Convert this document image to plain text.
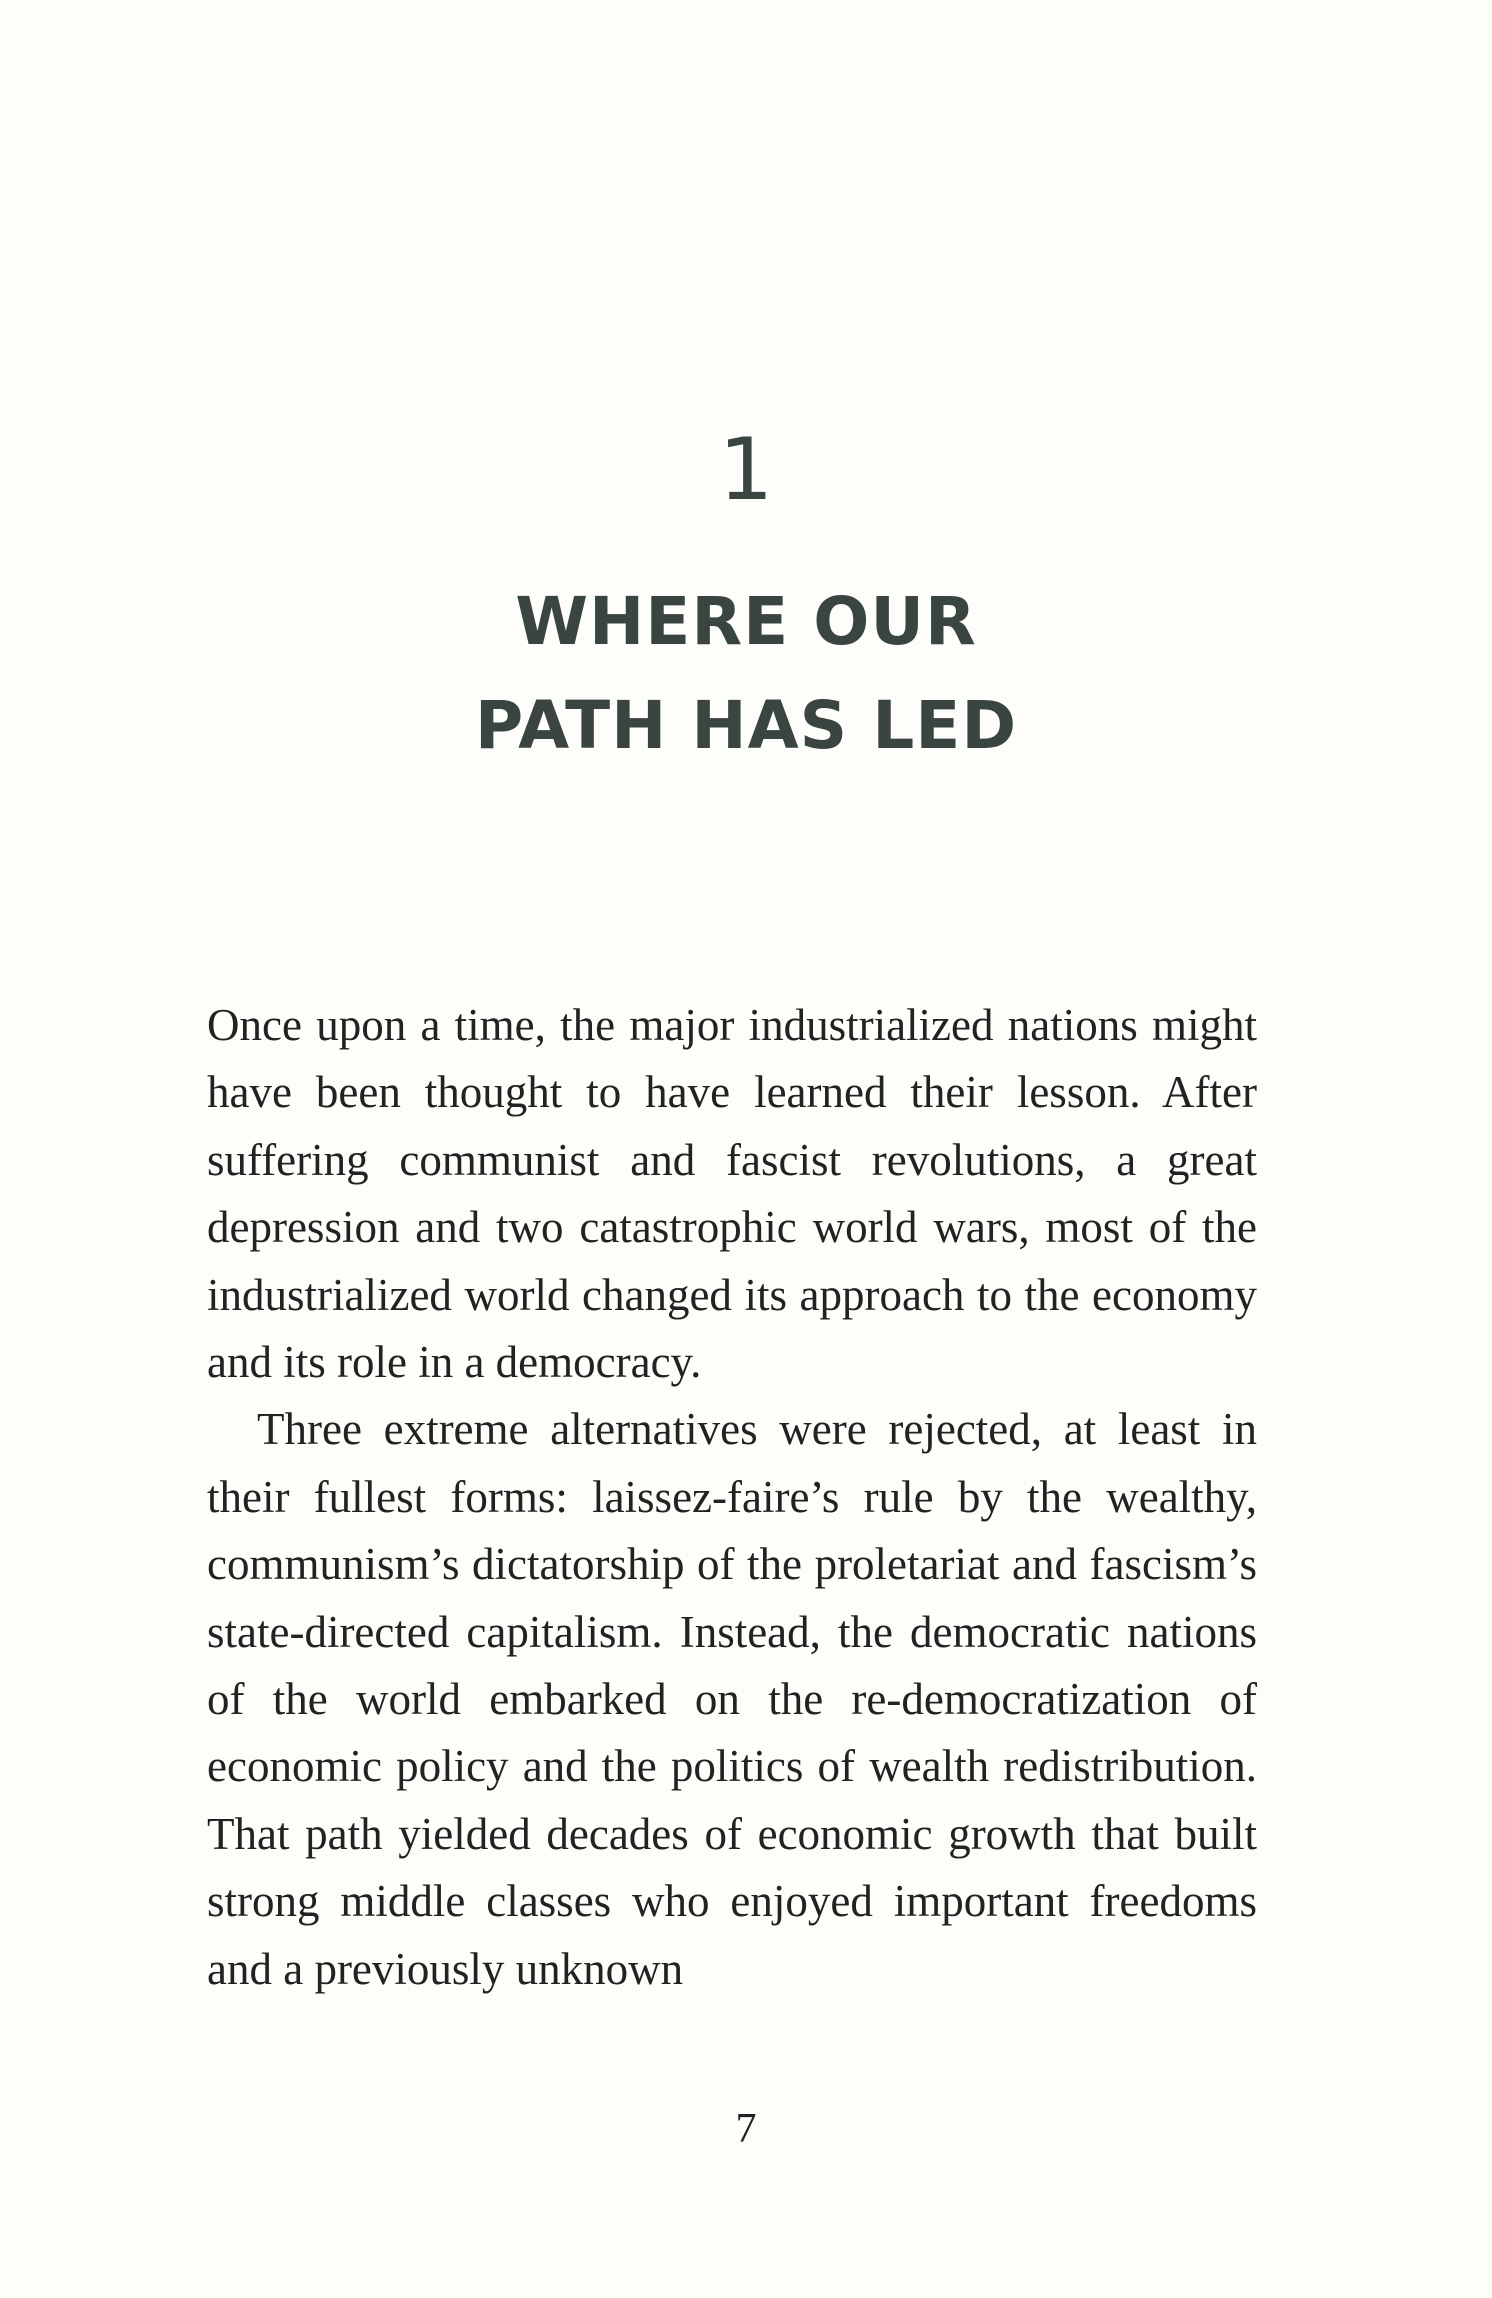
1
WHERE OUR
PATH HAS LED

Once upon a time, the major industrialized nations might have been thought to have learned their lesson. After suffering communist and fascist revolutions, a great depression and two catastrophic world wars, most of the industrialized world changed its approach to the economy and its role in a democracy.

Three extreme alternatives were rejected, at least in their fullest forms: laissez-faire’s rule by the wealthy, communism’s dictatorship of the proletariat and fascism’s state-directed capitalism. Instead, the democratic nations of the world embarked on the re-democratization of economic policy and the politics of wealth redistribution. That path yielded decades of economic growth that built strong middle classes who enjoyed important freedoms and a previously unknown

7
